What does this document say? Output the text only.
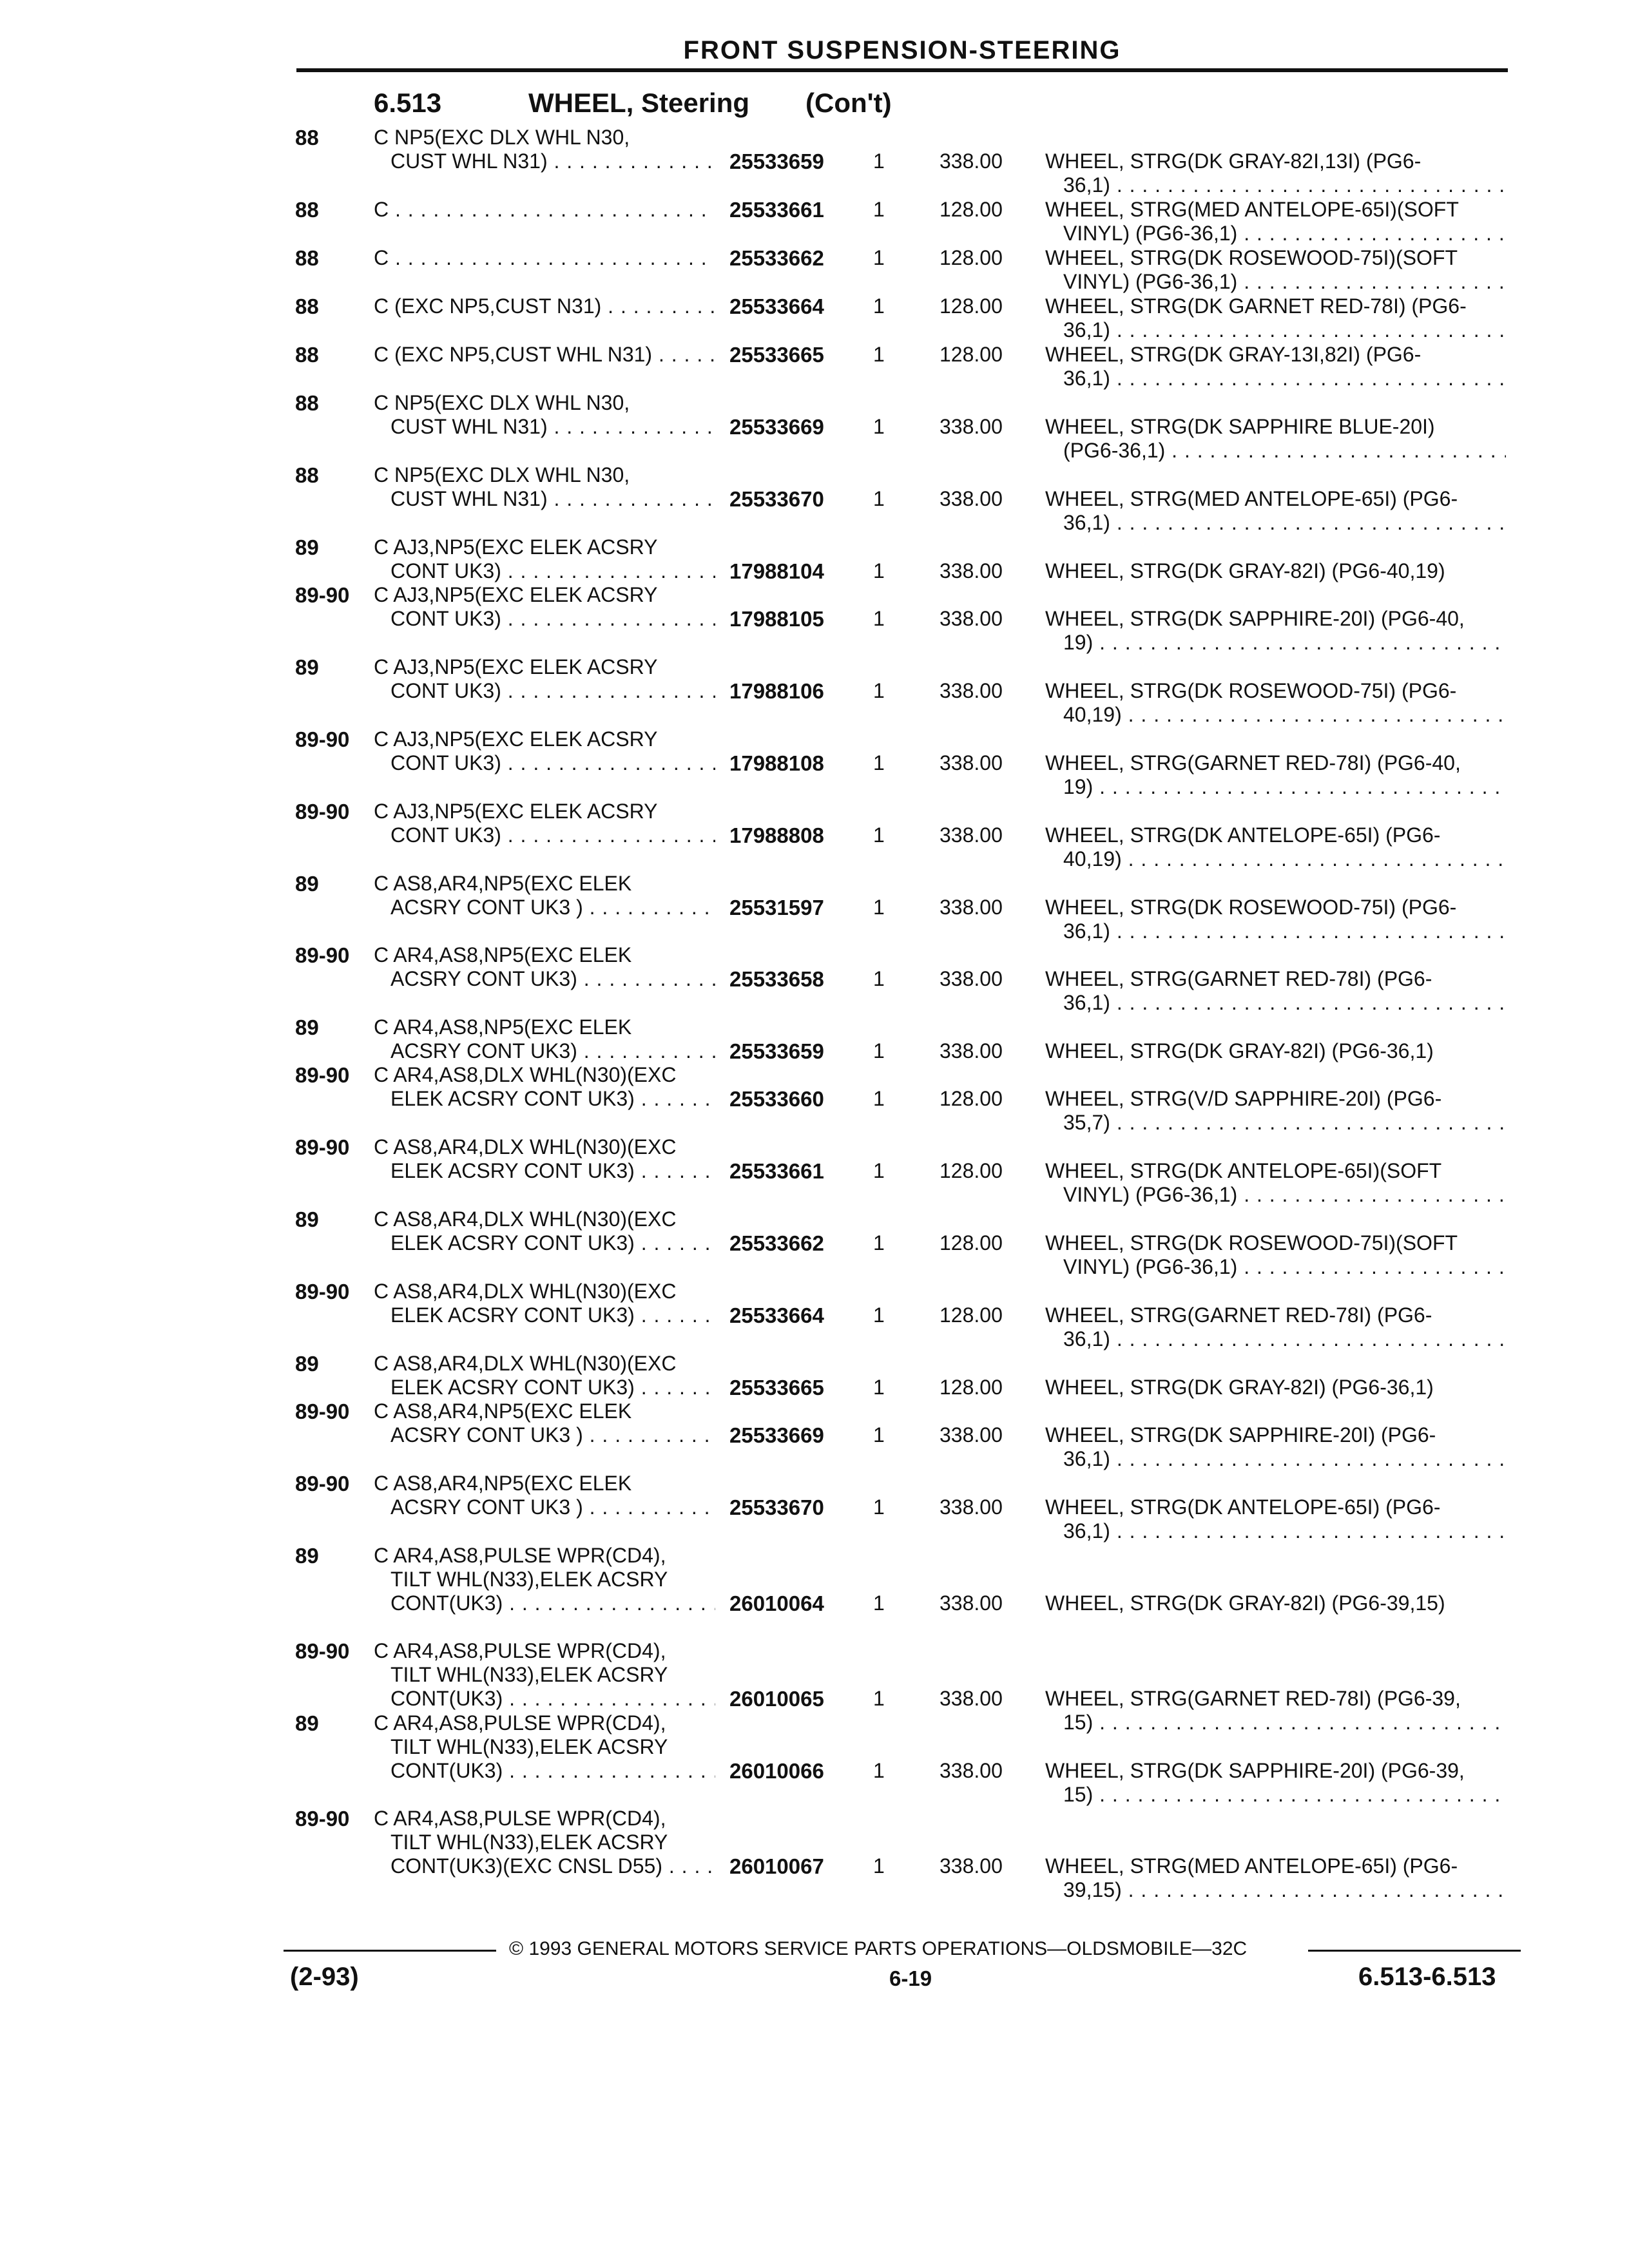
FRONT SUSPENSION-STEERING
6.513	WHEEL, Steering (Con't)
88	C NP5(EXC DLX WHL N30,
CUST WHL N31) . . .	25533659 1	338.00 WHEEL, STRG(DK GRAY-82I,13I) (PG6-
36,1) . . .
88	C . . .	25533661 1	128.00 WHEEL, STRG(MED ANTELOPE-65I)(SOFT
VINYL) (PG6-36,1) . . .
88	C . . .	25533662 1	128.00 WHEEL, STRG(DK ROSEWOOD-75I)(SOFT
VINYL) (PG6-36,1) . . .
88	C (EXC NP5,CUST N31) . . .	25533664 1	128.00 WHEEL, STRG(DK GARNET RED-78I) (PG6-
36,1) . . .
88	C (EXC NP5,CUST WHL N31) . . .	25533665 1	128.00 WHEEL, STRG(DK GRAY-13I,82I) (PG6-
36,1) . . .
88	C NP5(EXC DLX WHL N30,
CUST WHL N31) . . .	25533669 1	338.00 WHEEL, STRG(DK SAPPHIRE BLUE-20I)
(PG6-36,1) . . .
88	C NP5(EXC DLX WHL N30,
CUST WHL N31) . . .	25533670 1	338.00 WHEEL, STRG(MED ANTELOPE-65I) (PG6-
36,1) . . .
89	C AJ3,NP5(EXC ELEK ACSRY
CONT UK3) . . .	17988104 1	338.00 WHEEL, STRG(DK GRAY-82I) (PG6-40,19)
89-90 C AJ3,NP5(EXC ELEK ACSRY
CONT UK3) . . .	17988105 1	338.00 WHEEL, STRG(DK SAPPHIRE-20I) (PG6-40,
19) . . .
89	C AJ3,NP5(EXC ELEK ACSRY
CONT UK3) . . .	17988106 1	338.00 WHEEL, STRG(DK ROSEWOOD-75I) (PG6-
40,19) . . .
89-90 C AJ3,NP5(EXC ELEK ACSRY
CONT UK3) . . .	17988108 1	338.00 WHEEL, STRG(GARNET RED-78I) (PG6-40,
19) . . .
89-90 C AJ3,NP5(EXC ELEK ACSRY
CONT UK3) . . .	17988808 1	338.00 WHEEL, STRG(DK ANTELOPE-65I) (PG6-
40,19) . . .
89	C AS8,AR4,NP5(EXC ELEK
ACSRY CONT UK3 ) . . .	25531597 1	338.00 WHEEL, STRG(DK ROSEWOOD-75I) (PG6-
36,1) . . .
89-90 C AR4,AS8,NP5(EXC ELEK
ACSRY CONT UK3) . . .	25533658 1	338.00 WHEEL, STRG(GARNET RED-78I) (PG6-
36,1) . . .
89	C AR4,AS8,NP5(EXC ELEK
ACSRY CONT UK3) . . .	25533659 1	338.00 WHEEL, STRG(DK GRAY-82I) (PG6-36,1)
89-90 C AR4,AS8,DLX WHL(N30)(EXC
ELEK ACSRY CONT UK3) . . .	25533660 1	128.00 WHEEL, STRG(V/D SAPPHIRE-20I) (PG6-
35,7) . . .
89-90 C AS8,AR4,DLX WHL(N30)(EXC
ELEK ACSRY CONT UK3) . . .	25533661 1	128.00 WHEEL, STRG(DK ANTELOPE-65I)(SOFT
VINYL) (PG6-36,1) . . .
89	C AS8,AR4,DLX WHL(N30)(EXC
ELEK ACSRY CONT UK3) . . .	25533662 1	128.00 WHEEL, STRG(DK ROSEWOOD-75I)(SOFT
VINYL) (PG6-36,1) . . .
89-90 C AS8,AR4,DLX WHL(N30)(EXC
ELEK ACSRY CONT UK3) . . .	25533664 1	128.00 WHEEL, STRG(GARNET RED-78I) (PG6-
36,1) . . .
89	C AS8,AR4,DLX WHL(N30)(EXC
ELEK ACSRY CONT UK3) . . .	25533665 1	128.00 WHEEL, STRG(DK GRAY-82I) (PG6-36,1)
89-90 C AS8,AR4,NP5(EXC ELEK
ACSRY CONT UK3 ) . . .	25533669 1	338.00 WHEEL, STRG(DK SAPPHIRE-20I) (PG6-
36,1) . . .
89-90 C AS8,AR4,NP5(EXC ELEK
ACSRY CONT UK3 ) . . .	25533670 1	338.00 WHEEL, STRG(DK ANTELOPE-65I) (PG6-
36,1) . . .
89	C AR4,AS8,PULSE WPR(CD4),
TILT WHL(N33),ELEK ACSRY
CONT(UK3) . . .	26010064 1	338.00 WHEEL, STRG(DK GRAY-82I) (PG6-39,15)
89-90 C AR4,AS8,PULSE WPR(CD4),
TILT WHL(N33),ELEK ACSRY
CONT(UK3) . . .	26010065 1	338.00 WHEEL, STRG(GARNET RED-78I) (PG6-39,
15) . . .
89	C AR4,AS8,PULSE WPR(CD4),
TILT WHL(N33),ELEK ACSRY
CONT(UK3) . . .	26010066 1	338.00 WHEEL, STRG(DK SAPPHIRE-20I) (PG6-39,
15) . . .
89-90 C AR4,AS8,PULSE WPR(CD4),
TILT WHL(N33),ELEK ACSRY
CONT(UK3)(EXC CNSL D55) . . .	26010067 1	338.00 WHEEL, STRG(MED ANTELOPE-65I) (PG6-
39,15) . . .
© 1993 GENERAL MOTORS SERVICE PARTS OPERATIONS—OLDSMOBILE—32C
(2-93)	6-19	6.513-6.513
